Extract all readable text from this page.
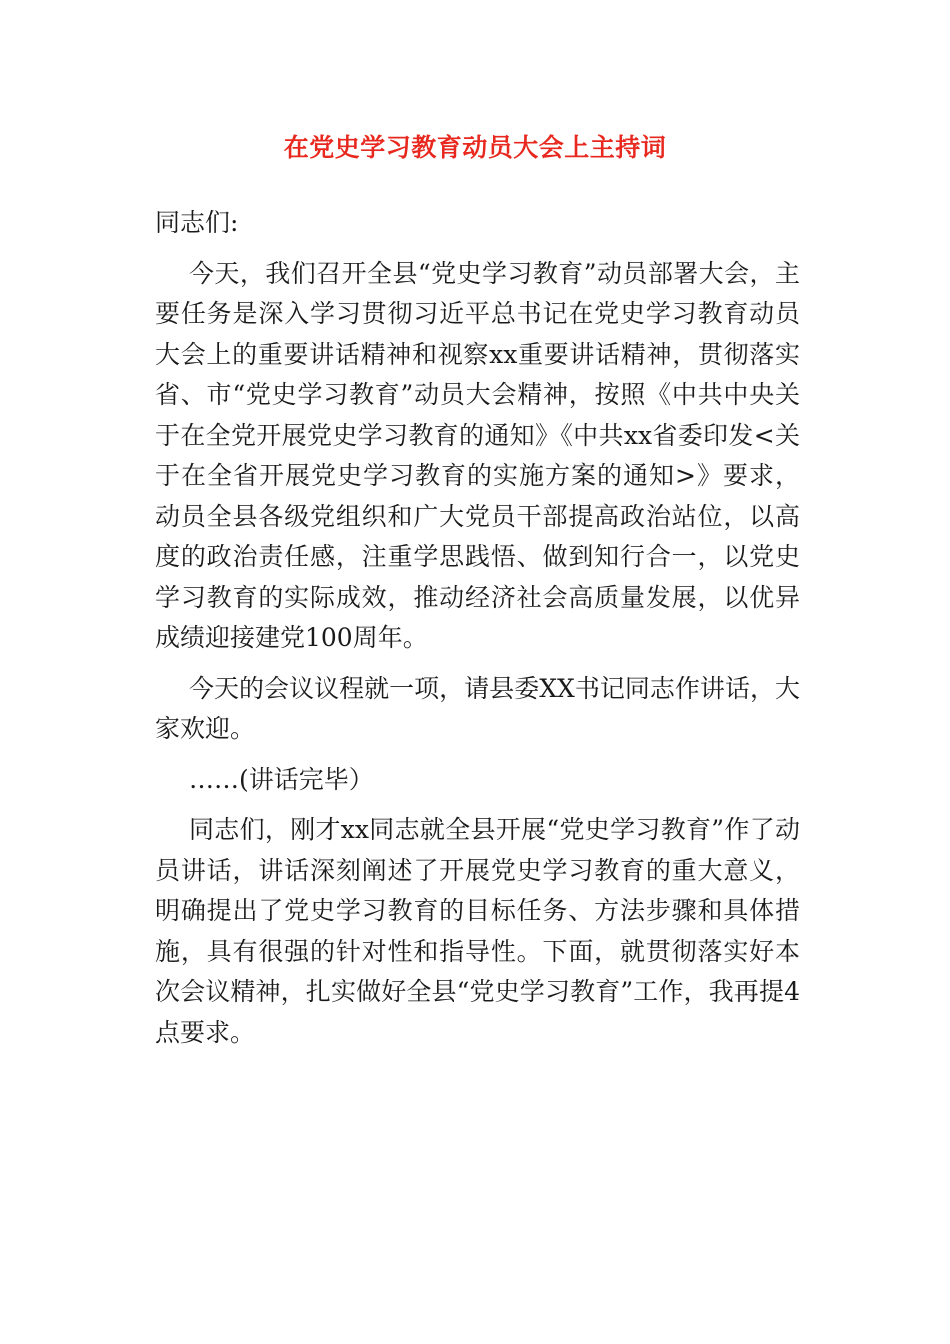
在党史学习教育动员大会上主持词

同志们:

今天，我们召开全县“党史学习教育”动员部署大会，主要任务是深入学习贯彻习近平总书记在党史学习教育动员大会上的重要讲话精神和视察xx重要讲话精神，贯彻落实省、市“党史学习教育”动员大会精神，按照《中共中央关于在全党开展党史学习教育的通知》《中共xx省委印发<关于在全省开展党史学习教育的实施方案的通知>》要求，动员全县各级党组织和广大党员干部提高政治站位，以高度的政治责任感，注重学思践悟、做到知行合一，以党史学习教育的实际成效，推动经济社会高质量发展，以优异成绩迎接建党100周年。

今天的会议议程就一项，请县委XX书记同志作讲话，大家欢迎。

……(讲话完毕）

同志们，刚才xx同志就全县开展“党史学习教育”作了动员讲话，讲话深刻阐述了开展党史学习教育的重大意义，明确提出了党史学习教育的目标任务、方法步骤和具体措施，具有很强的针对性和指导性。下面，就贯彻落实好本次会议精神，扎实做好全县“党史学习教育”工作，我再提4点要求。
